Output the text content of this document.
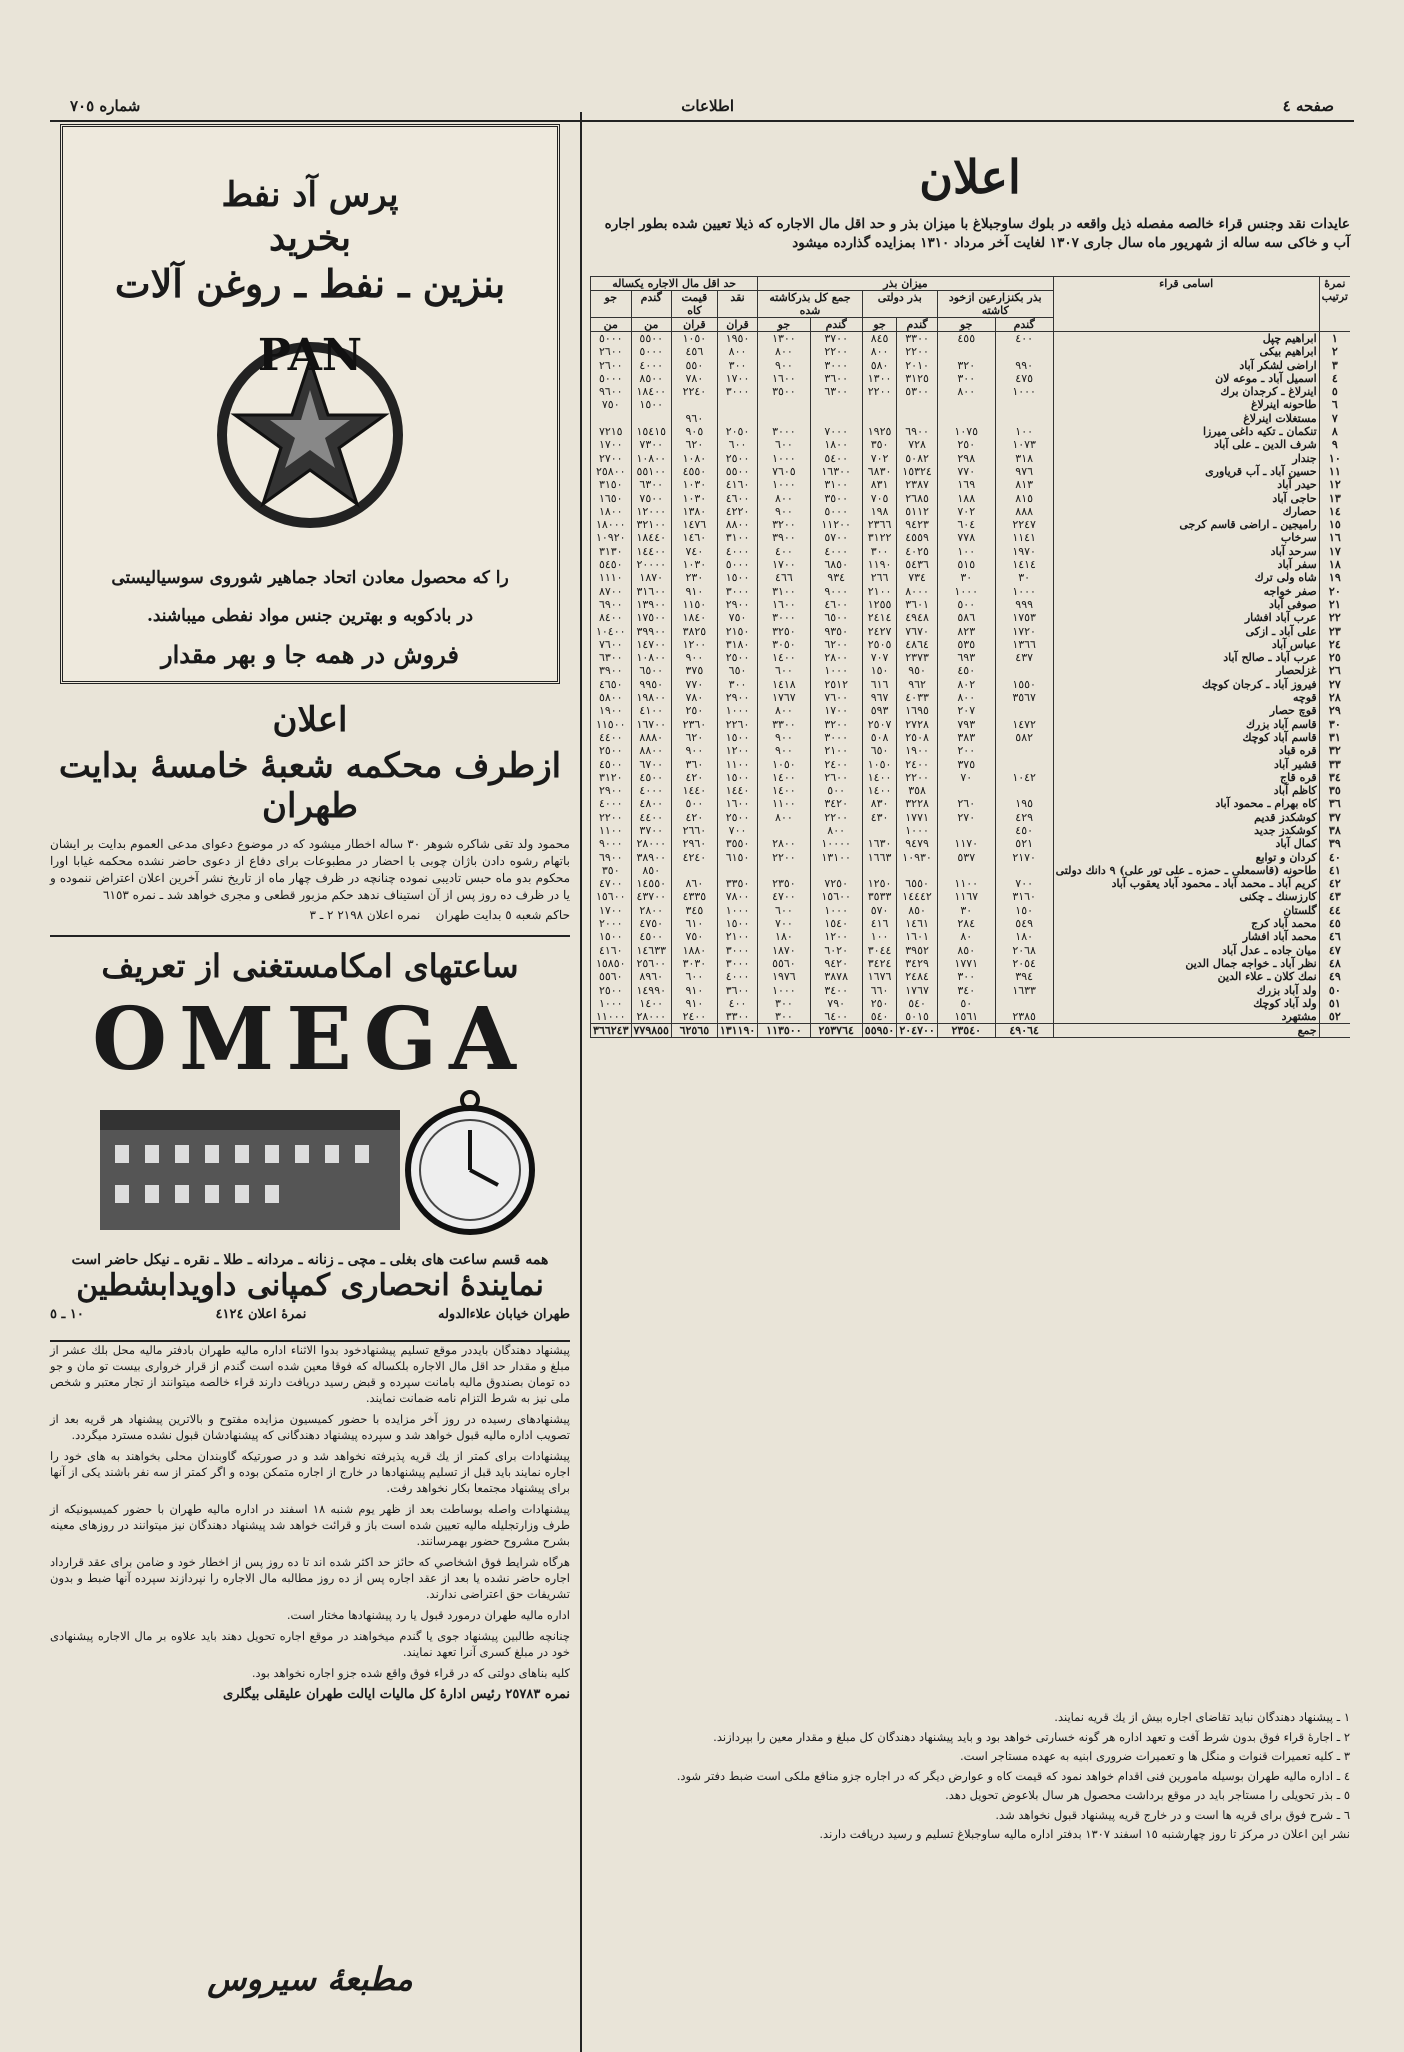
صفحه ٤
اطلاعات
شماره ٧٠٥
پرس آد نفط
بخرید
بنزین ـ نفط ـ روغن آلات
PAN
را كه محصول معادن اتحاد جماهير شوروى سوسياليستى
در بادكوبه و بهترين جنس مواد نفطى ميباشند.
فروش در همه جا و بهر مقدار
اعلان
ازطرف محكمه شعبهٔ خامسهٔ بدايت طهران
محمود ولد تقی شاکره شوهر ٣٠ ساله اخطار میشود که در موضوع دعوای مدعی العموم بدایت بر ایشان باتهام رشوه دادن باژان چوبی با احضار در مطبوعات برای دفاع از دعوی حاضر نشده محکمه غیابا اورا محکوم بدو ماه حبس تادیبی نموده چنانچه در ظرف چهار ماه از تاریخ نشر آخرین اعلان اعتراض ننموده و یا در ظرف ده روز پس از آن استیناف ندهد حکم مزبور قطعی و مجری خواهد شد ـ نمره ٦١٥٣
حاكم شعبه ٥ بدايت طهران    نمره اعلان ٢١٩٨ ٢ ـ ٣
ساعتهاى امكامستغنى از تعريف
OMEGA
همه قسم ساعت هاى بغلى ـ مچى ـ زنانه ـ مردانه ـ طلا ـ نقره ـ نيكل حاضر است
نمايندهٔ انحصارى كمپانى داويدابشطين
طهران خيابان علاءالدوله
نمرهٔ اعلان ٤١٢٤
١٠ ـ ٥

پیشنهاد دهندگان بایددر موقع تسلیم پیشنهادخود بدوا الاثناء اداره مالیه طهران بادفتر مالیه محل بلك عشر از مبلغ و مقدار حد اقل مال الاجاره بلكساله كه فوقا معين شده است گندم از قرار خروارى بيست تو مان و جو ده تومان بصندوق ماليه بامانت سپرده و قبض رسيد دريافت دارند قراء خالصه ميتوانند از تجار معتبر و شخص ملى نيز به شرط التزام نامه ضمانت نمايند.

پیشنهادهای رسیده در روز آخر مزایده با حضور کمیسیون مزایده مفتوح و بالاترین پیشنهاد هر قریه بعد از تصویب اداره مالیه قبول خواهد شد و سپرده پیشنهاد دهندگانی كه پیشنهادشان قبول نشده مسترد میگردد.

پیشنهادات برای كمتر از یك قریه پذیرفته نخواهد شد و در صورتیكه گاوبندان محلی بخواهند به های خود را اجاره نمایند باید قبل از تسلیم پیشنهادها در خارج از اجاره متمکن بوده و اگر کمتر از سه نفر باشند یکی از آنها برای پیشنهاد مجتمعا بكار نخواهد رفت.

پیشنهادات واصله بوساطت بعد از ظهر یوم شنبه ١٨ اسفند در اداره ماليه طهران با حضور كميسيونيكه از طرف وزارتجليله ماليه تعيين شده است باز و قرائت خواهد شد پيشنهاد دهندگان نيز ميتوانند در روزهاى معينه بشرح مشروح حضور بهمرسانند.

هرگاه شرايط فوق اشخاصي كه حائز حد اكثر شده اند تا ده روز پس از اخطار خود و ضامن براى عقد قرارداد اجاره حاضر نشده يا بعد از عقد اجاره پس از ده روز مطالبه مال الاجاره را نپردازند سپرده آنها ضبط و بدون تشريفات حق اعتراضى ندارند.

اداره ماليه طهران درمورد قبول يا رد پيشنهادها مختار است.

چنانچه طالبين پيشنهاد جوى يا گندم ميخواهند در موقع اجاره تحويل دهند بايد علاوه بر مال الاجاره پيشنهادى خود در مبلغ كسرى آنرا تعهد نمايند.

كليه بناهاى دولتى كه در قراء فوق واقع شده جزو اجاره نخواهد بود.

نمره ٢٥٧٨٣ رئيس ادارهٔ كل ماليات ايالت طهران عليقلى بيگلرى
مطبعهٔ سيروس
اعلان
عایدات نقد وجنس قراء خالصه مفصله ذیل واقعه در بلوك ساوجبلاغ با میزان بذر و حد اقل مال الاجاره كه ذیلا تعيين شده بطور اجاره آب و خاكى سه ساله از شهريور ماه سال جارى ١٣٠٧ لغايت آخر مرداد ١٣١٠ بمزايده گذارده ميشود
نمرهٔ ترتیب	اسامی قراء	میزان بذر						حد اقل مال الاجاره يكساله			
		بذر بكنزارعين ازخود كاشته		بذر دولتى		جمع كل بذركاشته شده		نقد	قيمت كاه	گندم	جو
		گندم	جو	گندم	جو	گندم	جو	قران	قران	من	من
١	ابراهیم چپل	٤٠٠	٤٥٥	٣٣٠٠	٨٤٥	٣٧٠٠	١٣٠٠	١٩٥٠	١٠٥٠	٥٥٠٠	٥٠٠٠
٢	ابراهیم بیکی			٢٢٠٠	٨٠٠	٢٢٠٠	٨٠٠	٨٠٠	٤٥٦	٥٠٠٠	٢٦٠٠
٣	اراضی لشکر آباد	٩٩٠	٣٢٠	٢٠١٠	٥٨٠	٣٠٠٠	٩٠٠	٣٠٠	٥٥٠	٤٠٠٠	٢٦٠٠
٤	اسمیل آباد ـ موعه لان	٤٧٥	٣٠٠	٣١٢٥	١٣٠٠	٣٦٠٠	١٦٠٠	١٧٠٠	٧٨٠	٨٥٠٠	٥٠٠٠
٥	اینرلاغ ـ کرجدان برك	١٠٠٠	٨٠٠	٥٣٠٠	٢٢٠٠	٦٣٠٠	٣٥٠٠	٣٠٠٠	٢٢٤٠	١٨٤٠٠	٩٦٠٠
٦	طاحونه اینرلاغ									١٥٠٠	٧٥٠
٧	مستغلات اینرلاغ								٩٦٠		
٨	تنکمان ـ تکیه داغی میرزا	١٠٠	١٠٧٥	٦٩٠٠	١٩٢٥	٧٠٠٠	٣٠٠٠	٢٠٥٠	٩٠٥	١٥٤١٥	٧٢١٥
٩	شرف الدین ـ علی آباد	١٠٧٣	٢٥٠	٧٢٨	٣٥٠	١٨٠٠	٦٠٠	٦٠٠	٦٢٠	٧٣٠٠	١٧٠٠
١٠	جندار	٣١٨	٢٩٨	٥٠٨٢	٧٠٢	٥٤٠٠	١٠٠٠	٢٥٠٠	١٠٨٠	١٠٨٠٠	٢٧٠٠
١١	حسین آباد ـ آب قریاوری	٩٧٦	٧٧٠	١٥٣٢٤	٦٨٣٠	١٦٣٠٠	٧٦٠٥	٥٥٠٠	٤٥٥٠	٥٥١٠٠	٢٥٨٠٠
١٢	حیدر آباد	٨١٣	١٦٩	٢٣٨٧	٨٣١	٣١٠٠	١٠٠٠	٤١٦٠	١٠٣٠	٦٣٠٠	٣١٥٠
١٣	حاجی آباد	٨١٥	١٨٨	٢٦٨٥	٧٠٥	٣٥٠٠	٨٠٠	٤٦٠٠	١٠٣٠	٧٥٠٠	١٦٥٠
١٤	حصارك	٨٨٨	٧٠٢	٥١١٢	١٩٨	٥٠٠٠	٩٠٠	٤٢٢٠	١٣٨٠	١٢٠٠٠	١٨٠٠
١٥	راميجين ـ اراضی قاسم كرجی	٢٢٤٧	٦٠٤	٩٤٢٣	٢٣٦٦	١١٢٠٠	٣٢٠٠	٨٨٠٠	١٤٧٦	٣٢١٠٠	١٨٠٠٠
١٦	سرخاب	١١٤١	٧٧٨	٤٥٥٩	٣١٢٢	٥٧٠٠	٣٩٠٠	٣١٠٠	١٤٦٠	١٨٤٤٠	١٠٩٢٠
١٧	سرحد آباد	١٩٧٠	١٠٠	٤٠٢٥	٣٠٠	٤٠٠٠	٤٠٠	٤٠٠٠	٧٤٠	١٤٤٠٠	٣١٣٠
١٨	سفر آباد	١٤١٤	٥١٥	٥٤٣٦	١١٩٠	٦٨٥٠	١٧٠٠	٥٠٠٠	١٠٣٠	٢٠٠٠٠	٥٤٥٠
١٩	شاه ولی ترك	٣٠	٣٠	٧٣٤	٢٦٦	٩٣٤	٤٦٦	١٥٠٠	٢٣٠	١٨٧٠	١١١٠
٢٠	صفر خواجه	١٠٠٠	١٠٠٠	٨٠٠٠	٢١٠٠	٩٠٠٠	٣١٠٠	٣٠٠٠	٩١٠	٣١٦٠٠	٨٧٠٠
٢١	صوفی آباد	٩٩٩	٥٠٠	٣٦٠١	١٢٥٥	٤٦٠٠	١٦٠٠	٢٩٠٠	١١٥٠	١٣٩٠٠	٦٩٠٠
٢٢	عرب آباد افشار	١٧٥٣	٥٨٦	٤٩٤٨	٢٤١٤	٦٥٠٠	٣٠٠٠	٧٥٠	١٨٤٠	١٧٥٠٠	٨٤٠٠
٢٣	علی آباد ـ ازكی	١٧٢٠	٨٢٣	٧٦٧٠	٢٤٢٧	٩٣٥٠	٣٢٥٠	٢١٥٠	٣٨٢٥	٣٩٩٠٠	١٠٤٠٠
٢٤	عباس آباد	١٣٦٦	٥٣٥	٤٨٦٤	٢٥٠٥	٦٢٠٠	٣٠٥٠	٣١٨٠	١٢٠٠	١٤٧٠٠	٧٦٠٠
٢٥	عرب آباد ـ صالح آباد	٤٣٧	٦٩٣	٢٣٧٣	٧٠٧	٢٨٠٠	١٤٠٠	٢٥٠٠	٩٠٠	١٠٨٠٠	٦٣٠٠
٢٦	غزلحصار		٤٥٠	٩٥٠	١٥٠	١٠٠٠	٦٠٠	٦٥٠	٣٧٥	٦٥٠٠	٣٩٠٠
٢٧	فیروز آباد ـ كرجان كوچك	١٥٥٠	٨٠٢	٩٦٢	٦١٦	٢٥١٢	١٤١٨	٣٠٠	٧٧٠	٩٩٥٠	٤٦٥٠
٢٨	قوچه	٣٥٦٧	٨٠٠	٤٠٣٣	٩٦٧	٧٦٠٠	١٧٦٧	٢٩٠٠	٧٨٠	١٩٨٠٠	٥٨٠٠
٢٩	قوچ حصار		٢٠٧	١٦٩٥	٥٩٣	١٧٠٠	٨٠٠	١٠٠٠	٢٥٠	٤١٠٠	١٩٠٠
٣٠	قاسم آباد بزرك	١٤٧٢	٧٩٣	٢٧٢٨	٢٥٠٧	٣٢٠٠	٣٣٠٠	٢٢٦٠	٢٣٦٠	١٦٧٠٠	١١٥٠٠
٣١	قاسم آباد کوچك	٥٨٢	٣٨٣	٢٥٠٨	٥٠٨	٣٠٠٠	٩٠٠	١٥٠٠	٦٢٠	٨٨٨٠	٤٤٠٠
٣٢	قره قباد		٢٠٠	١٩٠٠	٦٥٠	٢١٠٠	٩٠٠	١٢٠٠	٩٠٠	٨٨٠٠	٢٥٠٠
٣٣	قشیر آباد		٣٧٥	٢٤٠٠	١٠٥٠	٢٤٠٠	١٠٥٠	١١٠٠	٣٦٠	٦٧٠٠	٤٥٠٠
٣٤	قره قاج	١٠٤٢	٧٠	٢٢٠٠	١٤٠٠	٢٦٠٠	١٤٠٠	١٥٠٠	٤٢٠	٤٥٠٠	٣١٢٠
٣٥	كاظم آباد			٣٥٨	١٤٠٠	٥٠٠	١٤٠٠	١٤٤٠	١٤٤٠	٤٠٠٠	٢٩٠٠
٣٦	كاه بهرام ـ محمود آباد	١٩٥	٢٦٠	٣٢٢٨	٨٣٠	٣٤٢٠	١١٠٠	١٦٠٠	٥٠٠	٤٨٠٠	٤٠٠٠
٣٧	كوشكدز قدیم	٤٢٩	٢٧٠	١٧٧١	٤٣٠	٢٢٠٠	٨٠٠	٢٥٠٠	٤٢٠	٤٤٠٠	٢٢٠٠
٣٨	كوشكدز جدید	٤٥٠		١٠٠٠		٨٠٠		٧٠٠	٢٦٦٠	٣٧٠٠	١١٠٠
٣٩	كمال آباد	٥٢١	١١٧٠	٩٤٧٩	١٦٣٠	١٠٠٠٠	٢٨٠٠	٣٥٥٠	٢٩٦٠	٢٨٠٠٠	٩٠٠٠
٤٠	كردان و توابع	٢١٧٠	٥٣٧	١٠٩٣٠	١٦٦٣	١٣١٠٠	٢٢٠٠	٦١٥٠	٤٢٤٠	٣٨٩٠٠	٦٩٠٠
٤١	طاحونه (قاسمعلی ـ حمزه ـ علی تور علی) ٩ دانك دولتی									٨٥٠	٣٥٠
٤٢	كریم آباد ـ محمد آباد ـ محمود آباد یعقوب آباد	٧٠٠	١١٠٠	٦٥٥٠	١٢٥٠	٧٢٥٠	٢٣٥٠	٣٣٥٠	٨٦٠	١٤٥٥٠	٤٧٠٠
٤٣	كارزسنك ـ چكنی	٣١٦٠	١١٦٧	١٤٤٤٢	٣٥٣٣	١٥٦٠٠	٤٧٠٠	٧٨٠٠	٤٣٣٥	٤٣٧٠٠	١٥٦٠٠
٤٤	گلستان	١٥٠	٣٠	٨٥٠	٥٧٠	١٠٠٠	٦٠٠	١٠٠٠	٣٤٥	٢٨٠٠	١٧٠٠
٤٥	محمد آباد كرج	٥٤٩	٢٨٤	١٤٦١	٤١٦	١٥٤٠	٧٠٠	١٥٠٠	٦١٠	٤٧٥٠	٢٠٠٠
٤٦	محمد آباد افشار	١٨٠	٨٠	١٦٠١	١٠٠	١٢٠٠	١٨٠	٢١٠٠	٧٥٠	٤٥٠٠	١٥٠٠
٤٧	میان جاده ـ عدل آباد	٢٠٦٨	٨٥٠	٣٩٥٢	٣٠٤٤	٦٠٢٠	١٨٧٠	٣٠٠٠	١٨٨٠	١٤٦٣٣	٤١٦٠
٤٨	نظر آباد ـ خواجه جمال الدین	٢٠٥٤	١٧٧١	٣٤٢٩	٣٤٢٤	٩٤٢٠	٥٥٦٠	٣٠٠٠	٣٠٣٠	٢٥٦٠٠	١٥٨٥٠
٤٩	نمك كلان ـ علاء الدین	٣٩٤	٣٠٠	٢٤٨٤	١٦٧٦	٣٨٧٨	١٩٧٦	٤٠٠٠	٦٠٠	٨٩٦٠	٥٥٦٠
٥٠	ولد آباد بزرك	١٦٣٣	٣٤٠	١٧٦٧	٦٦٠	٣٤٠٠	١٠٠٠	٣٦٠٠	٩١٠	١٤٩٩٠	٢٥٠٠
٥١	ولد آباد کوچك		٥٠	٥٤٠	٢٥٠	٧٩٠	٣٠٠	٤٠٠	٩١٠	١٤٠٠	١٠٠٠
٥٢	مشتهرد	٢٣٨٥	١٥٦١	٥٠١٥	٥٤٠	٦٤٠٠	٣٠٠	٣٣٠٠	٢٤٠٠	٢٨٠٠٠	١١٠٠٠
	جمع	٤٩٠٦٤	٢٣٥٤٠	٢٠٤٧٠٠	٥٥٩٥٠	٢٥٣٧٦٤	١١٣٥٠٠	١٣١١٩٠	٦٢٥٦٥	٧٧٩٨٥٥	٣٦٦٢٤٣

١ ـ پيشنهاد دهندگان نبايد تقاضای اجاره بيش از يك قريه نمايند.

٢ ـ اجارهٔ قراء فوق بدون شرط آفت و تعهد اداره هر گونه خسارتی خواهد بود و بايد پيشنهاد دهندگان كل مبلغ و مقدار معين را بپردازند.

٣ ـ كليه تعميرات قنوات و منگل ها و تعميرات ضرورى ابنيه به عهده مستاجر است.

٤ ـ اداره ماليه طهران بوسيله مامورين فنى اقدام خواهد نمود كه قيمت كاه و عوارض ديگر كه در اجاره جزو منافع ملكى است ضبط دفتر شود.

٥ ـ بذر تحويلى را مستاجر بايد در موقع برداشت محصول هر سال بلاعوض تحويل دهد.

٦ ـ شرح فوق براى قريه ها است و در خارج قريه پيشنهاد قبول نخواهد شد.

نشر اين اعلان در مركز تا روز چهارشنبه ١٥ اسفند ١٣٠٧ بدفتر اداره ماليه ساوجبلاغ تسليم و رسيد دريافت دارند.
